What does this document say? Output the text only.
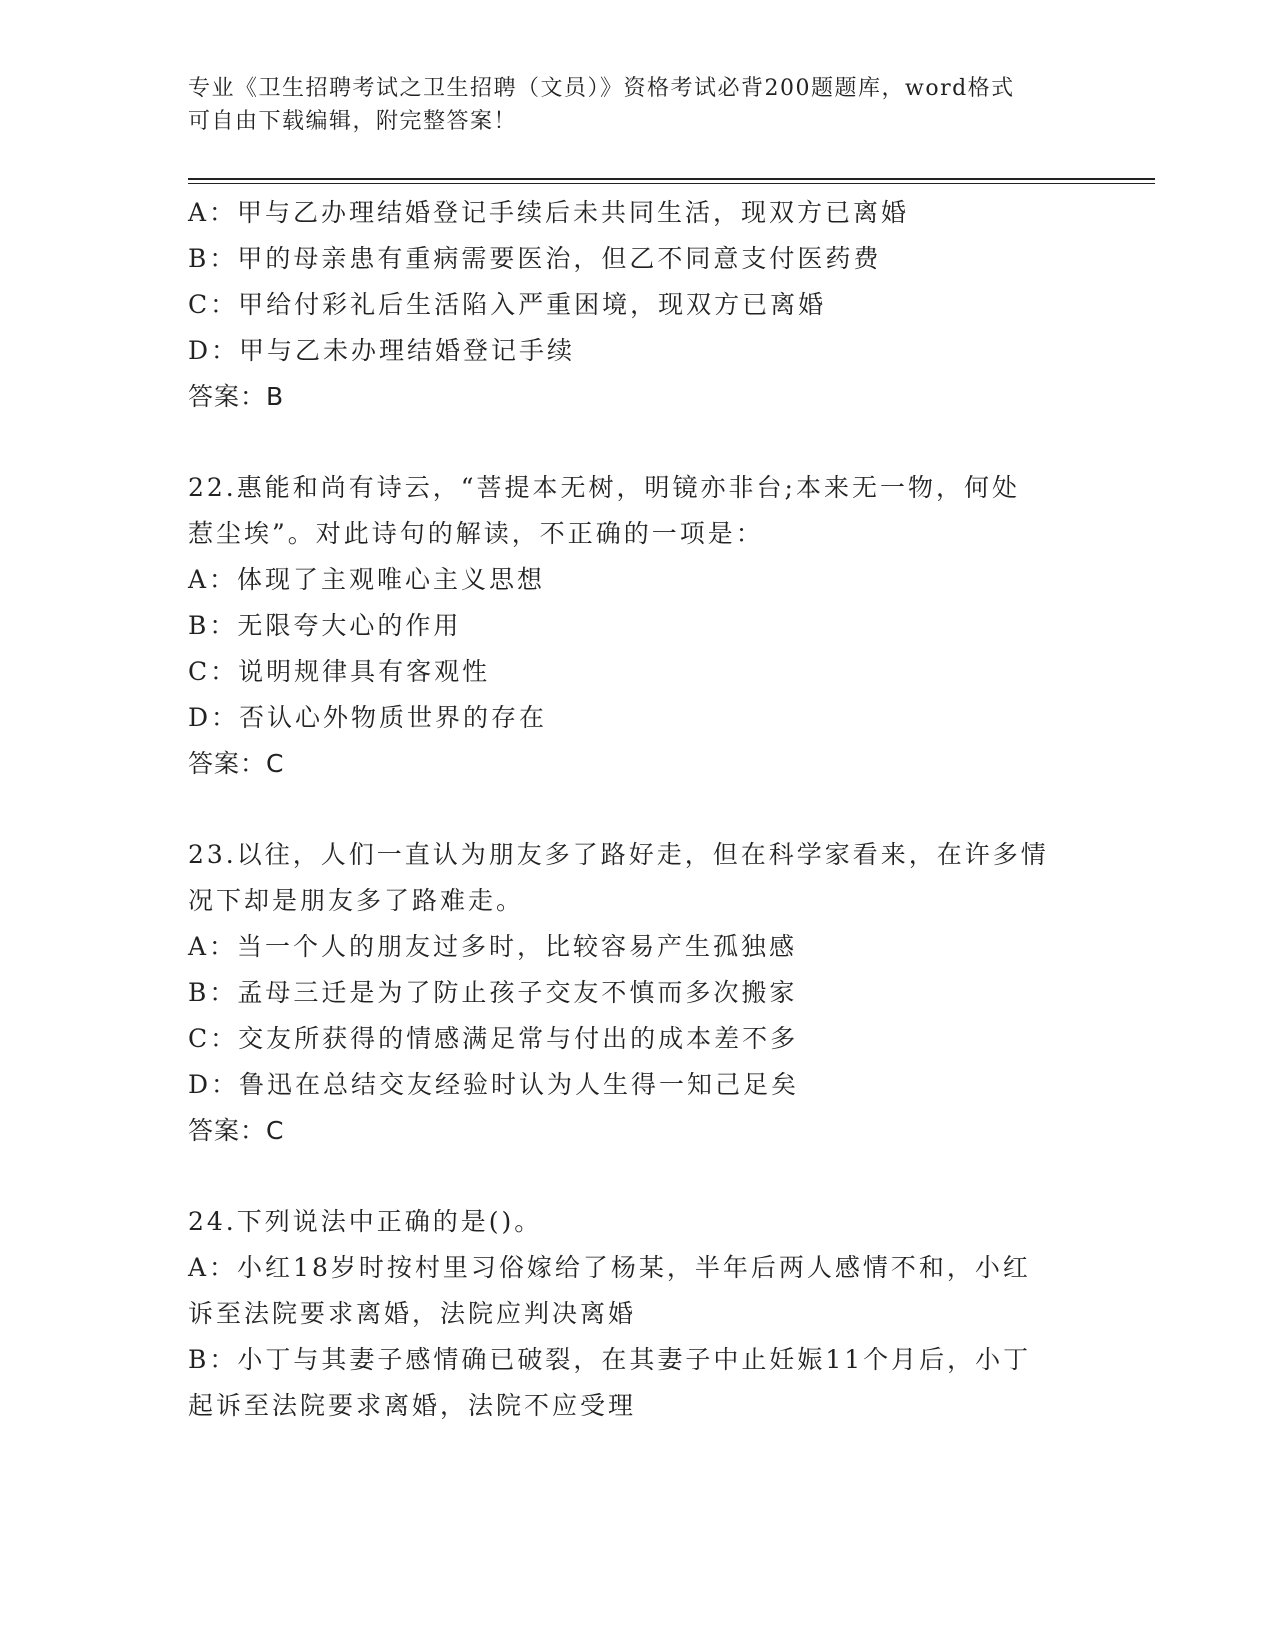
专业《卫生招聘考试之卫生招聘（文员）》资格考试必背200题题库，word格式
可自由下载编辑，附完整答案！
A：甲与乙办理结婚登记手续后未共同生活，现双方已离婚
B：甲的母亲患有重病需要医治，但乙不同意支付医药费
C：甲给付彩礼后生活陷入严重困境，现双方已离婚
D：甲与乙未办理结婚登记手续
答案：B
22.惠能和尚有诗云，“菩提本无树，明镜亦非台;本来无一物，何处
惹尘埃”。对此诗句的解读，不正确的一项是：
A：体现了主观唯心主义思想
B：无限夸大心的作用
C：说明规律具有客观性
D：否认心外物质世界的存在
答案：C
23.以往，人们一直认为朋友多了路好走，但在科学家看来，在许多情
况下却是朋友多了路难走。
A：当一个人的朋友过多时，比较容易产生孤独感
B：孟母三迁是为了防止孩子交友不慎而多次搬家
C：交友所获得的情感满足常与付出的成本差不多
D：鲁迅在总结交友经验时认为人生得一知己足矣
答案：C
24.下列说法中正确的是()。
A：小红18岁时按村里习俗嫁给了杨某，半年后两人感情不和，小红
诉至法院要求离婚，法院应判决离婚
B：小丁与其妻子感情确已破裂，在其妻子中止妊娠11个月后，小丁
起诉至法院要求离婚，法院不应受理
